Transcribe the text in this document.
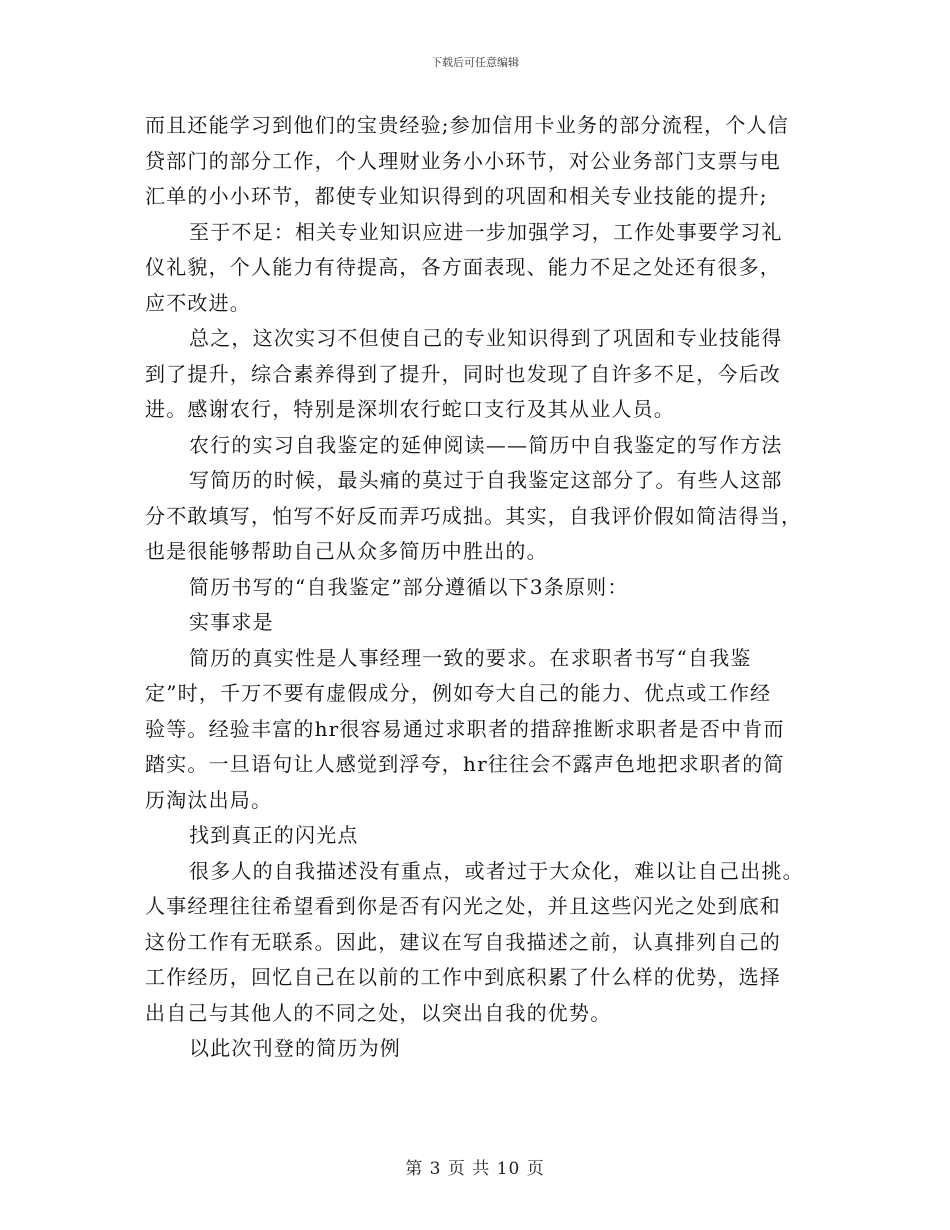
下载后可任意编辑
而且还能学习到他们的宝贵经验;参加信用卡业务的部分流程，个人信
贷部门的部分工作，个人理财业务小小环节，对公业务部门支票与电
汇单的小小环节，都使专业知识得到的巩固和相关专业技能的提升;
至于不足：相关专业知识应进一步加强学习，工作处事要学习礼
仪礼貌，个人能力有待提高，各方面表现、能力不足之处还有很多，
应不改进。
总之，这次实习不但使自己的专业知识得到了巩固和专业技能得
到了提升，综合素养得到了提升，同时也发现了自许多不足，今后改
进。感谢农行，特别是深圳农行蛇口支行及其从业人员。
农行的实习自我鉴定的延伸阅读——简历中自我鉴定的写作方法
写简历的时候，最头痛的莫过于自我鉴定这部分了。有些人这部
分不敢填写，怕写不好反而弄巧成拙。其实，自我评价假如简洁得当，
也是很能够帮助自己从众多简历中胜出的。
简历书写的“自我鉴定”部分遵循以下3条原则：
实事求是
简历的真实性是人事经理一致的要求。在求职者书写“自我鉴
定”时，千万不要有虚假成分，例如夸大自己的能力、优点或工作经
验等。经验丰富的hr很容易通过求职者的措辞推断求职者是否中肯而
踏实。一旦语句让人感觉到浮夸，hr往往会不露声色地把求职者的简
历淘汰出局。
找到真正的闪光点
很多人的自我描述没有重点，或者过于大众化，难以让自己出挑。
人事经理往往希望看到你是否有闪光之处，并且这些闪光之处到底和
这份工作有无联系。因此，建议在写自我描述之前，认真排列自己的
工作经历，回忆自己在以前的工作中到底积累了什么样的优势，选择
出自己与其他人的不同之处，以突出自我的优势。
以此次刊登的简历为例
第 3 页 共 10 页
